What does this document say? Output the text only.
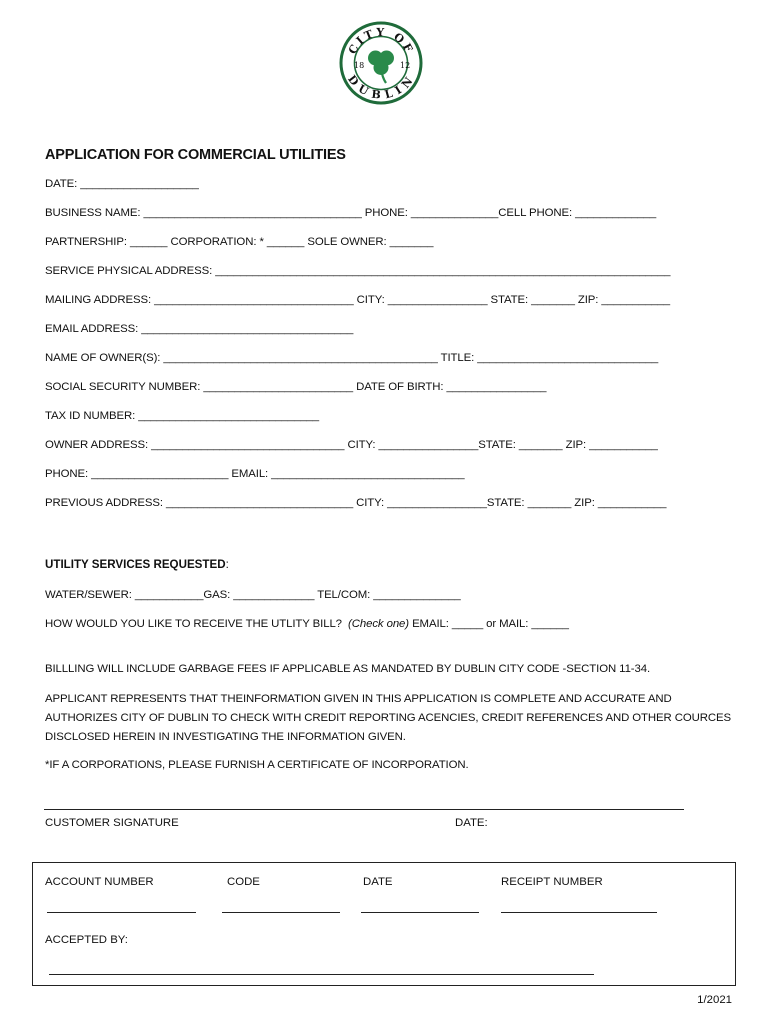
CITY OF
DUBLIN
18	12
APPLICATION FOR COMMERCIAL UTILITIES
DATE: ___________________
BUSINESS NAME: ___________________________________ PHONE: ______________CELL PHONE: _____________
PARTNERSHIP: ______ CORPORATION: * ______ SOLE OWNER: _______
SERVICE PHYSICAL ADDRESS: _________________________________________________________________________
MAILING ADDRESS: ________________________________ CITY: ________________ STATE: _______ ZIP: ___________
EMAIL ADDRESS: __________________________________
NAME OF OWNER(S): ____________________________________________ TITLE: _____________________________
SOCIAL SECURITY NUMBER: ________________________ DATE OF BIRTH: ________________
TAX ID NUMBER: _____________________________
OWNER ADDRESS: _______________________________ CITY: ________________STATE: _______ ZIP: ___________
PHONE: ______________________ EMAIL: _______________________________
PREVIOUS ADDRESS: ______________________________ CITY: ________________STATE: _______ ZIP: ___________
UTILITY SERVICES REQUESTED:
WATER/SEWER: ___________GAS: _____________ TEL/COM: ______________
HOW WOULD YOU LIKE TO RECEIVE THE UTLITY BILL?  (Check one) EMAIL: _____ or MAIL: ______
BILLLING WILL INCLUDE GARBAGE FEES IF APPLICABLE AS MANDATED BY DUBLIN CITY CODE -SECTION 11-34.
APPLICANT REPRESENTS THAT THEINFORMATION GIVEN IN THIS APPLICATION IS COMPLETE AND ACCURATE AND AUTHORIZES CITY OF DUBLIN TO CHECK WITH CREDIT REPORTING ACENCIES, CREDIT REFERENCES AND OTHER COURCES DISCLOSED HEREIN IN INVESTIGATING THE INFORMATION GIVEN.
*IF A CORPORATIONS, PLEASE FURNISH A CERTIFICATE OF INCORPORATION.
CUSTOMER SIGNATURE	DATE:
ACCOUNT NUMBER	CODE	DATE	RECEIPT NUMBER
ACCEPTED BY:
1/2021
